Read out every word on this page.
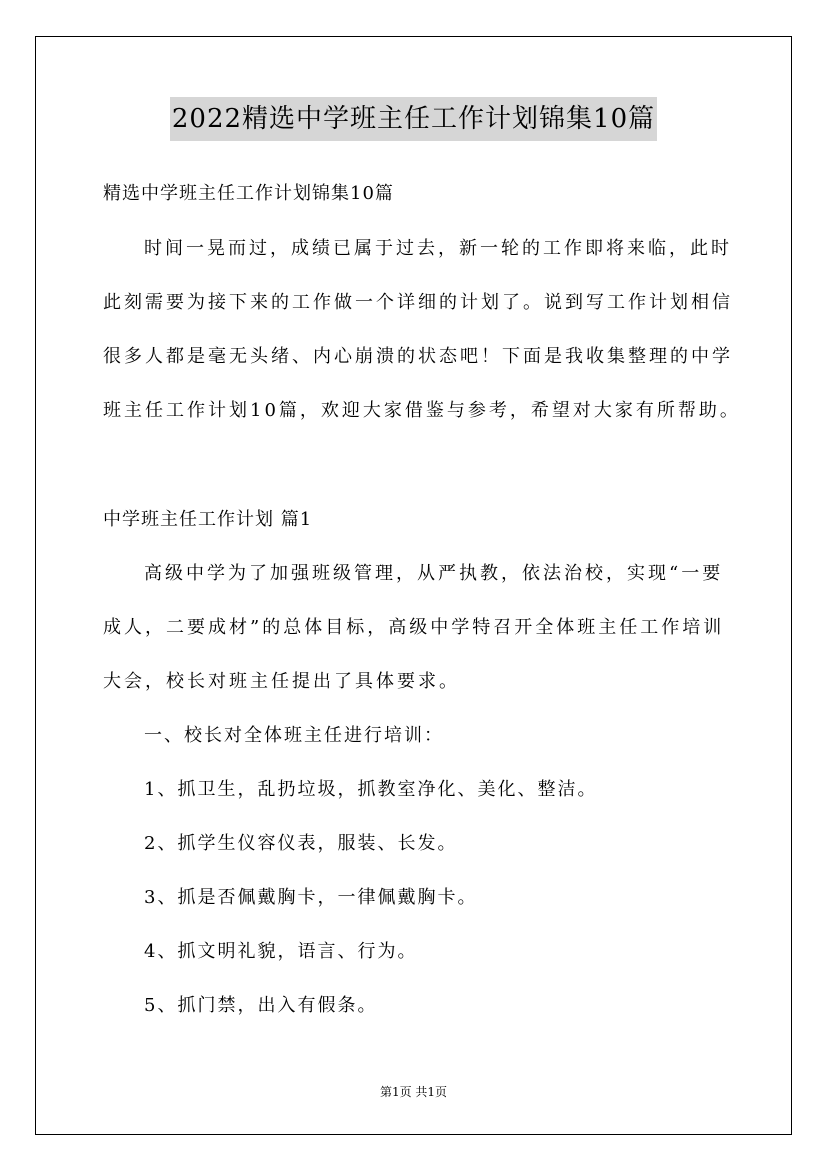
2022精选中学班主任工作计划锦集10篇
精选中学班主任工作计划锦集10篇
时间一晃而过，成绩已属于过去，新一轮的工作即将来临，此时
此刻需要为接下来的工作做一个详细的计划了。说到写工作计划相信
很多人都是毫无头绪、内心崩溃的状态吧！下面是我收集整理的中学
班主任工作计划10篇，欢迎大家借鉴与参考，希望对大家有所帮助。
中学班主任工作计划 篇1
高级中学为了加强班级管理，从严执教，依法治校，实现“一要
成人，二要成材”的总体目标，高级中学特召开全体班主任工作培训
大会，校长对班主任提出了具体要求。
一、校长对全体班主任进行培训：
1、抓卫生，乱扔垃圾，抓教室净化、美化、整洁。
2、抓学生仪容仪表，服装、长发。
3、抓是否佩戴胸卡，一律佩戴胸卡。
4、抓文明礼貌，语言、行为。
5、抓门禁，出入有假条。
第1页 共1页
